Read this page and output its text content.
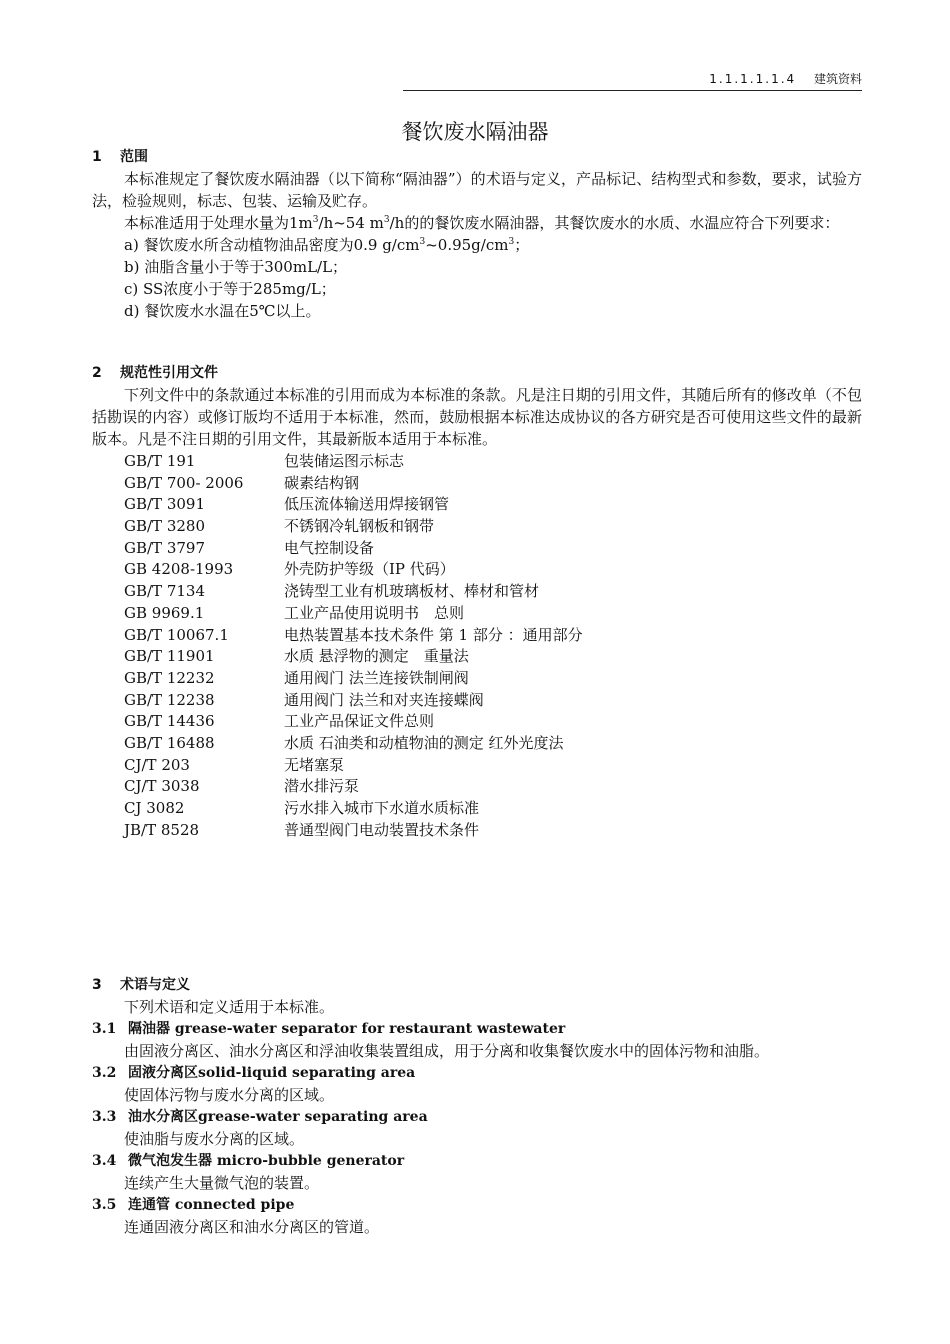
1.1.1.1.1.4 建筑资料
餐饮废水隔油器
1 范围
本标准规定了餐饮废水隔油器（以下简称“隔油器”）的术语与定义，产品标记、结构型式和参数，要求，试验方法，检验规则，标志、包装、运输及贮存。
本标准适用于处理水量为$1m^3/h\sim 54$ $m^3/h$的的餐饮废水隔油器，其餐饮废水的水质、水温应符合下列要求：
a) 餐饮废水所含动植物油品密度为0.9 $g/cm^3\sim 0.95g/cm^3$；
b) 油脂含量小于等于300mL/L；
c) SS浓度小于等于285mg/L；
d) 餐饮废水水温在5℃以上。
2 规范性引用文件
下列文件中的条款通过本标准的引用而成为本标准的条款。凡是注日期的引用文件，其随后所有的修改单（不包括勘误的内容）或修订版均不适用于本标准，然而，鼓励根据本标准达成协议的各方研究是否可使用这些文件的最新版本。凡是不注日期的引用文件，其最新版本适用于本标准。
GB/T 191	包装储运图示标志
GB/T 700- 2006	碳素结构钢
GB/T 3091	低压流体输送用焊接钢管
GB/T 3280	不锈钢冷轧钢板和钢带
GB/T 3797	电气控制设备
GB 4208-1993	外壳防护等级（IP 代码）
GB/T 7134	浇铸型工业有机玻璃板材、棒材和管材
GB 9969.1	工业产品使用说明书　总则
GB/T 10067.1	电热装置基本技术条件 第 1 部分 ：通用部分
GB/T 11901	水质 悬浮物的测定　重量法
GB/T 12232	通用阀门 法兰连接铁制闸阀
GB/T 12238	通用阀门 法兰和对夹连接蝶阀
GB/T 14436	工业产品保证文件总则
GB/T 16488	水质 石油类和动植物油的测定 红外光度法
CJ/T 203	无堵塞泵
CJ/T 3038	潜水排污泵
CJ 3082	污水排入城市下水道水质标准
JB/T 8528	普通型阀门电动装置技术条件
3 术语与定义
下列术语和定义适用于本标准。
3.1 隔油器 grease-water separator for restaurant wastewater
由固液分离区、油水分离区和浮油收集装置组成，用于分离和收集餐饮废水中的固体污物和油脂。
3.2 固液分离区solid-liquid separating area
使固体污物与废水分离的区域。
3.3 油水分离区grease-water separating area
使油脂与废水分离的区域。
3.4 微气泡发生器 micro-bubble generator
连续产生大量微气泡的装置。
3.5 连通管 connected pipe
连通固液分离区和油水分离区的管道。
